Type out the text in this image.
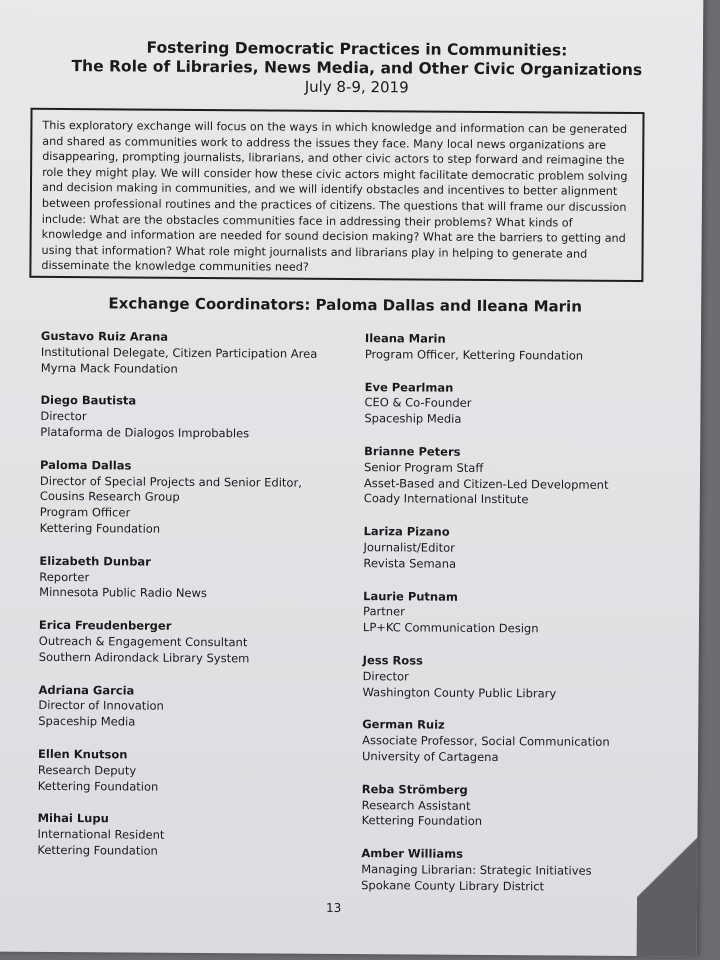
Fostering Democratic Practices in Communities:
The Role of Libraries, News Media, and Other Civic Organizations
July 8-9, 2019
This exploratory exchange will focus on the ways in which knowledge and information can be generated and shared as communities work to address the issues they face. Many local news organizations are disappearing, prompting journalists, librarians, and other civic actors to step forward and reimagine the role they might play. We will consider how these civic actors might facilitate democratic problem solving and decision making in communities, and we will identify obstacles and incentives to better alignment between professional routines and the practices of citizens. The questions that will frame our discussion include: What are the obstacles communities face in addressing their problems? What kinds of knowledge and information are needed for sound decision making? What are the barriers to getting and using that information? What role might journalists and librarians play in helping to generate and disseminate the knowledge communities need?
Exchange Coordinators: Paloma Dallas and Ileana Marin
Gustavo Ruiz Arana
Institutional Delegate, Citizen Participation Area
Myrna Mack Foundation
Diego Bautista
Director
Plataforma de Dialogos Improbables
Paloma Dallas
Director of Special Projects and Senior Editor,
Cousins Research Group
Program Officer
Kettering Foundation
Elizabeth Dunbar
Reporter
Minnesota Public Radio News
Erica Freudenberger
Outreach & Engagement Consultant
Southern Adirondack Library System
Adriana Garcia
Director of Innovation
Spaceship Media
Ellen Knutson
Research Deputy
Kettering Foundation
Mihai Lupu
International Resident
Kettering Foundation
Ileana Marin
Program Officer, Kettering Foundation
Eve Pearlman
CEO & Co-Founder
Spaceship Media
Brianne Peters
Senior Program Staff
Asset-Based and Citizen-Led Development
Coady International Institute
Lariza Pizano
Journalist/Editor
Revista Semana
Laurie Putnam
Partner
LP+KC Communication Design
Jess Ross
Director
Washington County Public Library
German Ruiz
Associate Professor, Social Communication
University of Cartagena
Reba Strömberg
Research Assistant
Kettering Foundation
Amber Williams
Managing Librarian: Strategic Initiatives
Spokane County Library District
13
